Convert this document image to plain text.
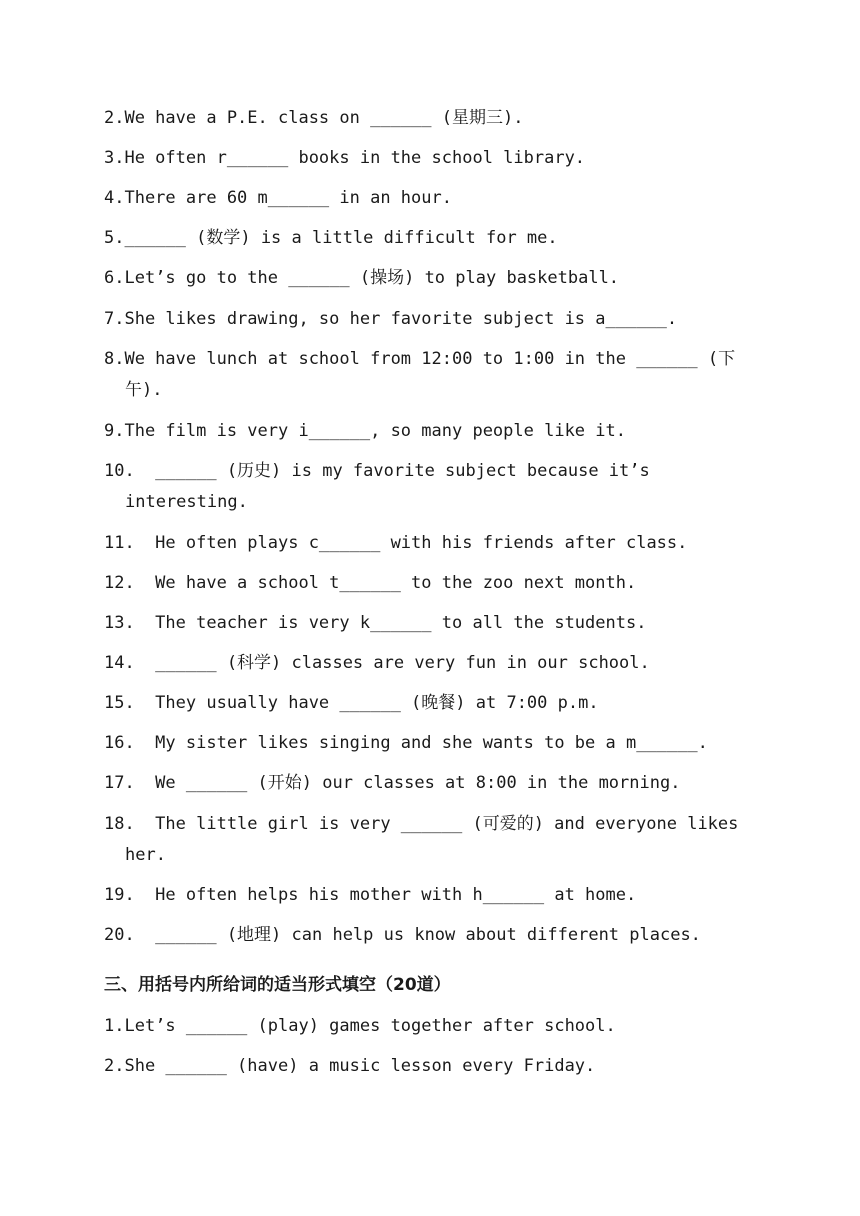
2.We have a P.E. class on ______ (星期三).
3.He often r______ books in the school library.
4.There are 60 m______ in an hour.
5.______ (数学) is a little difficult for me.
6.Let’s go to the ______ (操场) to play basketball.
7.She likes drawing, so her favorite subject is a______.
8.We have lunch at school from 12:00 to 1:00 in the ______ (下
午).
9.The film is very i______, so many people like it.
10.  ______ (历史) is my favorite subject because it’s
interesting.
11.  He often plays c______ with his friends after class.
12.  We have a school t______ to the zoo next month.
13.  The teacher is very k______ to all the students.
14.  ______ (科学) classes are very fun in our school.
15.  They usually have ______ (晚餐) at 7:00 p.m.
16.  My sister likes singing and she wants to be a m______.
17.  We ______ (开始) our classes at 8:00 in the morning.
18.  The little girl is very ______ (可爱的) and everyone likes
her.
19.  He often helps his mother with h______ at home.
20.  ______ (地理) can help us know about different places.
三、用括号内所给词的适当形式填空（20道）
1.Let’s ______ (play) games together after school.
2.She ______ (have) a music lesson every Friday.
